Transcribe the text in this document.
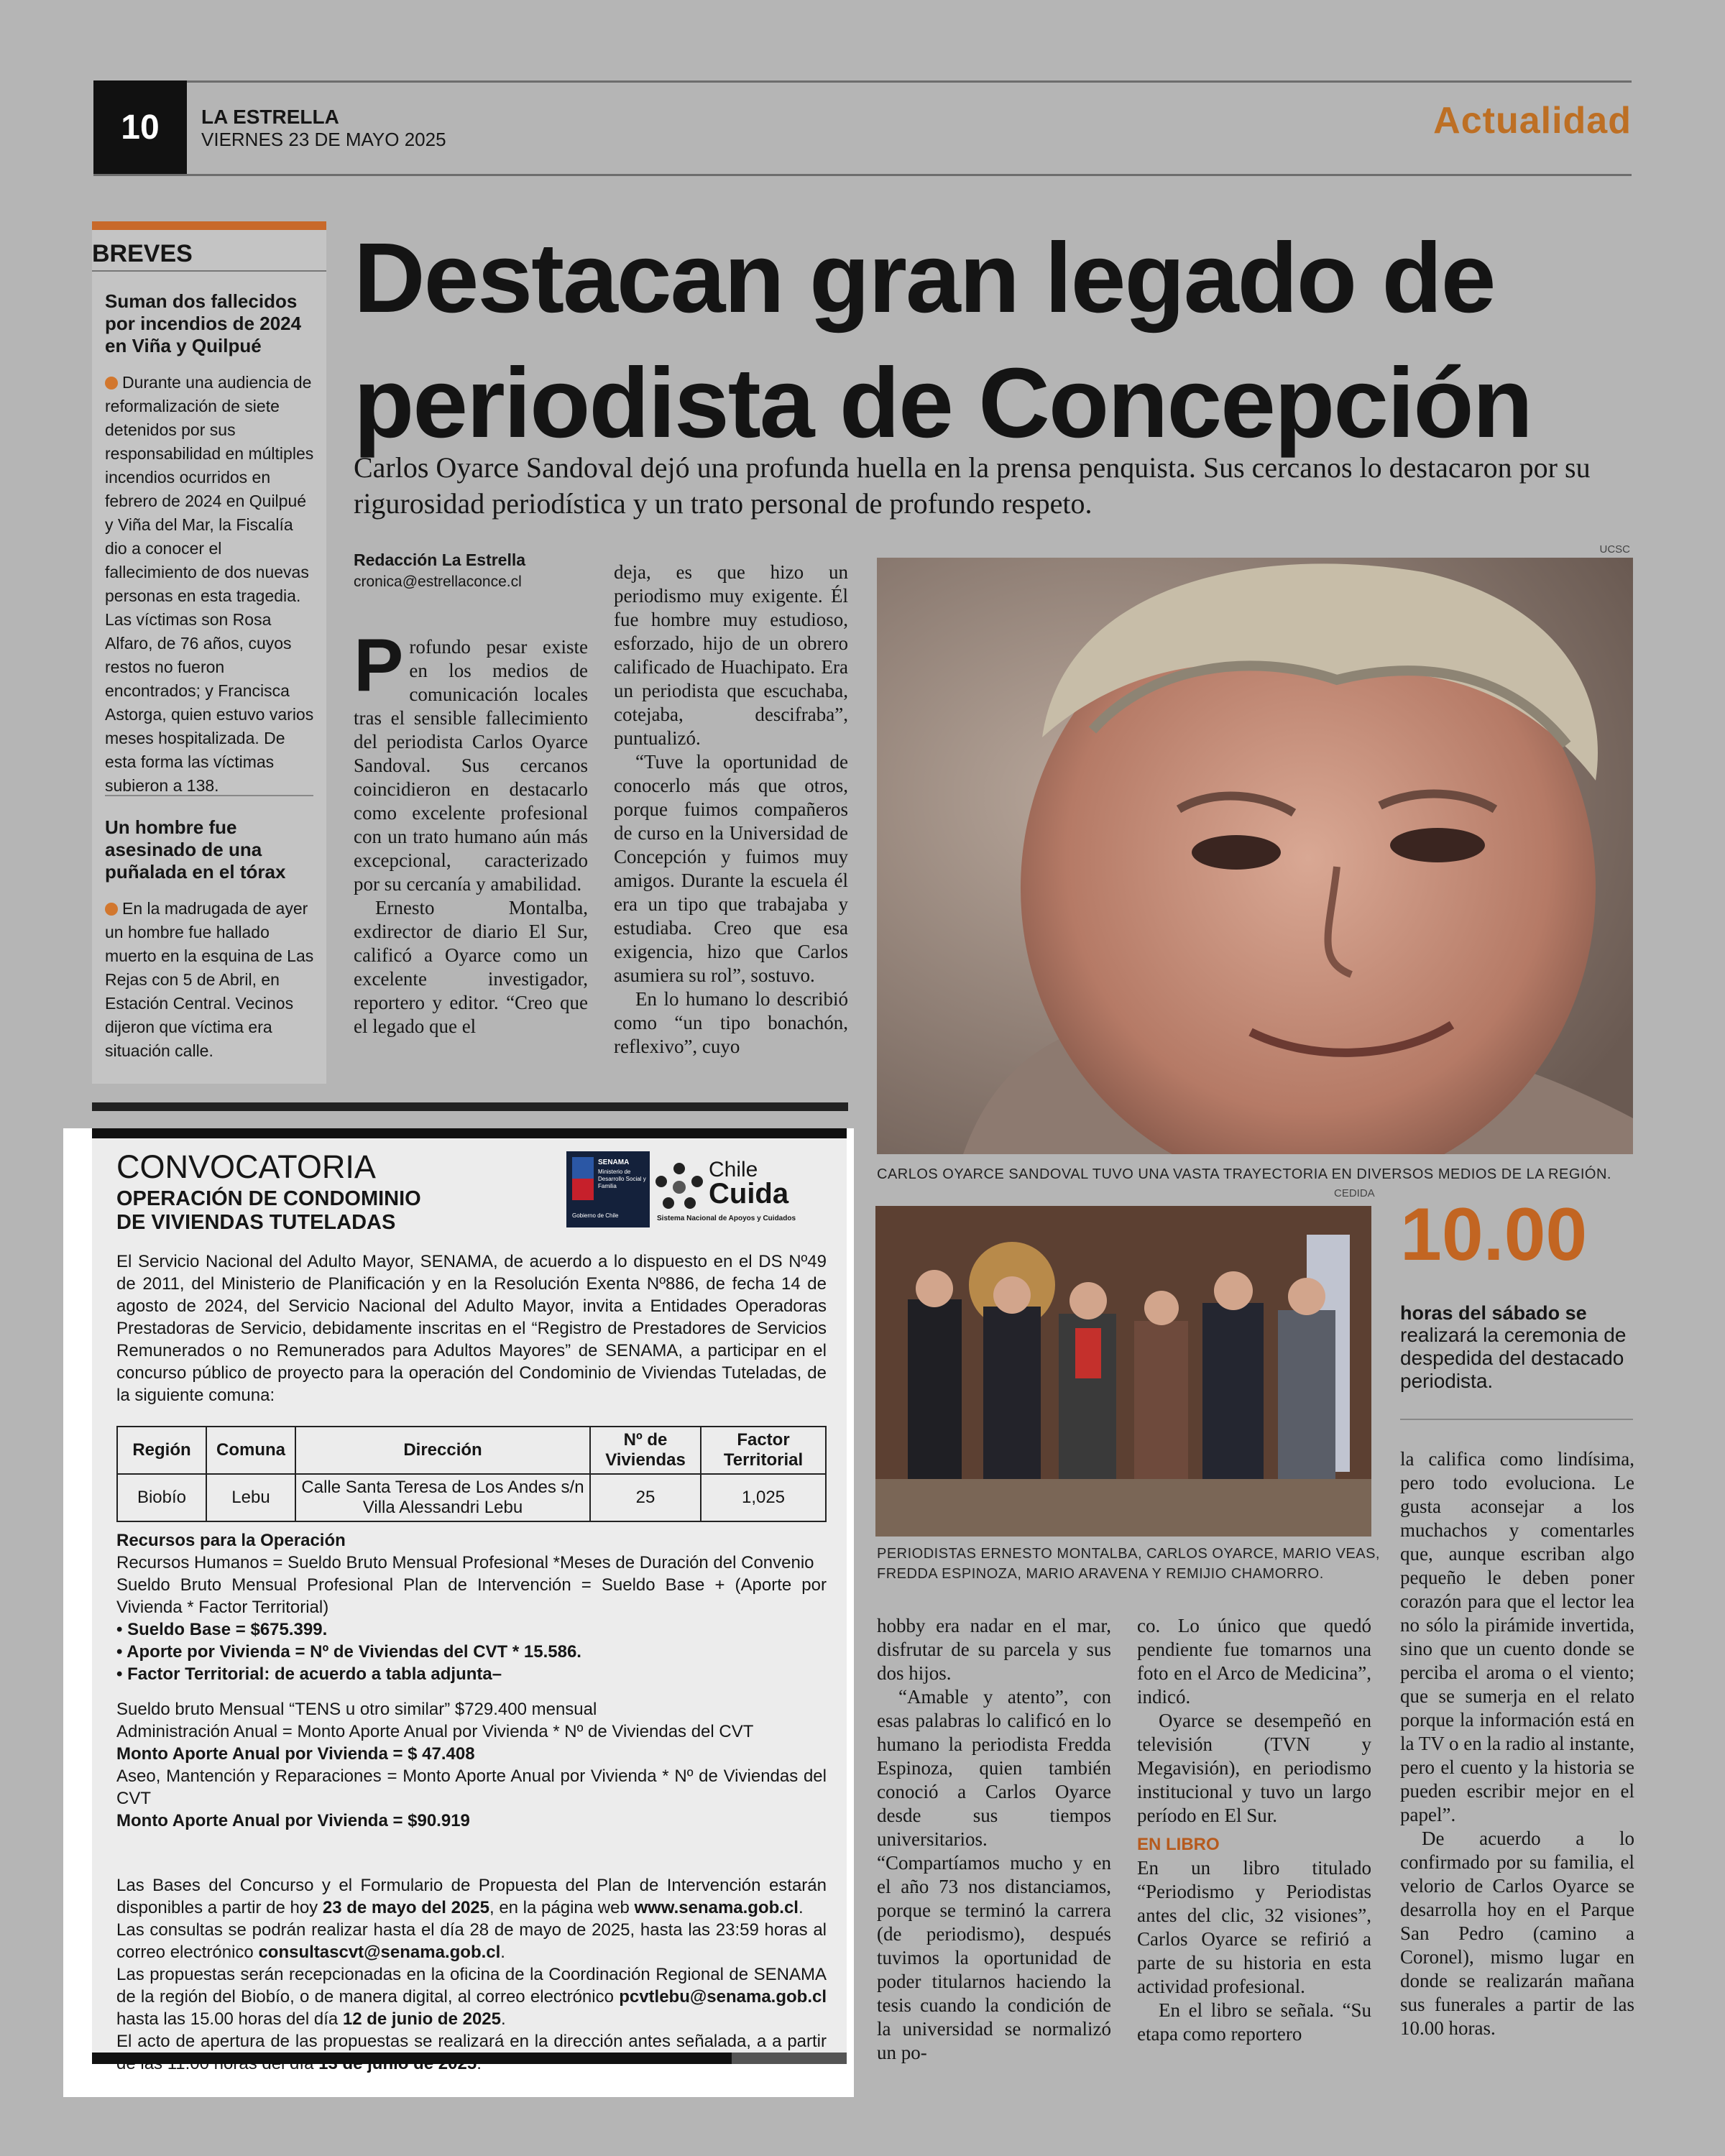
10	LA ESTRELLA
VIERNES 23 DE MAYO 2025	Actualidad
BREVES
Suman dos fallecidos por incendios de 2024 en Viña y Quilpué
Durante una audiencia de reformalización de siete detenidos por sus responsabilidad en múltiples incendios ocurridos en febrero de 2024 en Quilpué y Viña del Mar, la Fiscalía dio a conocer el fallecimiento de dos nuevas personas en esta tragedia. Las víctimas son Rosa Alfaro, de 76 años, cuyos restos no fueron encontrados; y Francisca Astorga, quien estuvo varios meses hospitalizada. De esta forma las víctimas subieron a 138.
Un hombre fue asesinado de una puñalada en el tórax
En la madrugada de ayer un hombre fue hallado muerto en la esquina de Las Rejas con 5 de Abril, en Estación Central. Vecinos dijeron que víctima era situación calle.
Destacan gran legado de periodista de Concepción
Carlos Oyarce Sandoval dejó una profunda huella en la prensa penquista. Sus cercanos lo destacaron por su rigurosidad periodística y un trato personal de profundo respeto.
Redacción La Estrella
cronica@estrellaconce.cl

Profundo pesar existe en los medios de comunicación locales tras el sensible fallecimiento del periodista Carlos Oyarce Sandoval. Sus cercanos coincidieron en destacarlo como excelente profesional con un trato humano aún más excepcional, caracterizado por su cercanía y amabilidad.

Ernesto Montalba, exdirector de diario El Sur, calificó a Oyarce como un excelente investigador, reportero y editor. “Creo que el legado que el

deja, es que hizo un periodismo muy exigente. Él fue hombre muy estudioso, esforzado, hijo de un obrero calificado de Huachipato. Era un periodista que escuchaba, cotejaba, descifraba”, puntualizó.

“Tuve la oportunidad de conocerlo más que otros, porque fuimos compañeros de curso en la Universidad de Concepción y fuimos muy amigos. Durante la escuela él era un tipo que trabajaba y estudiaba. Creo que esa exigencia, hizo que Carlos asumiera su rol”, sostuvo.

En lo humano lo describió como “un tipo bonachón, reflexivo”, cuyo

UCSC
CARLOS OYARCE SANDOVAL TUVO UNA VASTA TRAYECTORIA EN DIVERSOS MEDIOS DE LA REGIÓN.
CEDIDA
PERIODISTAS ERNESTO MONTALBA, CARLOS OYARCE, MARIO VEAS,
FREDDA ESPINOZA, MARIO ARAVENA Y REMIJIO CHAMORRO.
10.00
horas del sábado se
realizará la ceremonia de despedida del destacado periodista.

hobby era nadar en el mar, disfrutar de su parcela y sus dos hijos.

“Amable y atento”, con esas palabras lo calificó en lo humano la periodista Fredda Espinoza, quien también conoció a Carlos Oyarce desde sus tiempos universitarios. “Compartíamos mucho y en el año 73 nos distanciamos, porque se terminó la carrera (de periodismo), después tuvimos la oportunidad de poder titularnos haciendo la tesis cuando la condición de la universidad se normalizó un po-

co. Lo único que quedó pendiente fue tomarnos una foto en el Arco de Medicina”, indicó.

Oyarce se desempeñó en televisión (TVN y Megavisión), en periodismo institucional y tuvo un largo período en El Sur.

EN LIBRO

En un libro titulado “Periodismo y Periodistas antes del clic, 32 visiones”, Carlos Oyarce se refirió a parte de su historia en esta actividad profesional.

En el libro se señala. “Su etapa como reportero

la califica como lindísima, pero todo evoluciona. Le gusta aconsejar a los muchachos y comentarles que, aunque escriban algo pequeño le deben poner corazón para que el lector lea no sólo la pirámide invertida, sino que un cuento donde se perciba el aroma o el viento; que se sumerja en el relato porque la información está en la TV o en la radio al instante, pero el cuento y la historia se pueden escribir mejor en el papel”.

De acuerdo a lo confirmado por su familia, el velorio de Carlos Oyarce se desarrolla hoy en el Parque San Pedro (camino a Coronel), mismo lugar en donde se realizarán mañana sus funerales a partir de las 10.00 horas.

CONVOCATORIA
OPERACIÓN DE CONDOMINIO
DE VIVIENDAS TUTELADAS
SENAMA
Ministerio de Desarrollo Social y Familia
Gobierno de Chile
Chile
Cuida
Sistema Nacional de Apoyos y Cuidados
El Servicio Nacional del Adulto Mayor, SENAMA, de acuerdo a lo dispuesto en el DS Nº49 de 2011, del Ministerio de Planificación y en la Resolución Exenta Nº886, de fecha 14 de agosto de 2024, del Servicio Nacional del Adulto Mayor, invita a Entidades Operadoras Prestadoras de Servicio, debidamente inscritas en el “Registro de Prestadores de Servicios Remunerados o no Remunerados para Adultos Mayores” de SENAMA, a participar en el concurso público de proyecto para la operación del Condominio de Viviendas Tuteladas, de la siguiente comuna:
Región	Comuna	Dirección	Nº de Viviendas	Factor Territorial
Biobío	Lebu	Calle Santa Teresa de Los Andes s/n Villa Alessandri Lebu	25	1,025
Recursos para la Operación
Recursos Humanos = Sueldo Bruto Mensual Profesional *Meses de Duración del Convenio
Sueldo Bruto Mensual Profesional Plan de Intervención = Sueldo Base + (Aporte por Vivienda * Factor Territorial)
• Sueldo Base = $675.399.
• Aporte por Vivienda = Nº de Viviendas del CVT * 15.586.
• Factor Territorial: de acuerdo a tabla adjunta–
Sueldo bruto Mensual “TENS u otro similar” $729.400 mensual
Administración Anual = Monto Aporte Anual por Vivienda * Nº de Viviendas del CVT
Monto Aporte Anual por Vivienda = $ 47.408
Aseo, Mantención y Reparaciones = Monto Aporte Anual por Vivienda * Nº de Viviendas del CVT
Monto Aporte Anual por Vivienda = $90.919
Las Bases del Concurso y el Formulario de Propuesta del Plan de Intervención estarán disponibles a partir de hoy 23 de mayo del 2025, en la página web www.senama.gob.cl.
Las consultas se podrán realizar hasta el día 28 de mayo de 2025, hasta las 23:59 horas al correo electrónico consultascvt@senama.gob.cl.
Las propuestas serán recepcionadas en la oficina de la Coordinación Regional de SENAMA de la región del Biobío, o de manera digital, al correo electrónico pcvtlebu@senama.gob.cl hasta las 15.00 horas del día 12 de junio de 2025.
El acto de apertura de las propuestas se realizará en la dirección antes señalada, a a partir
